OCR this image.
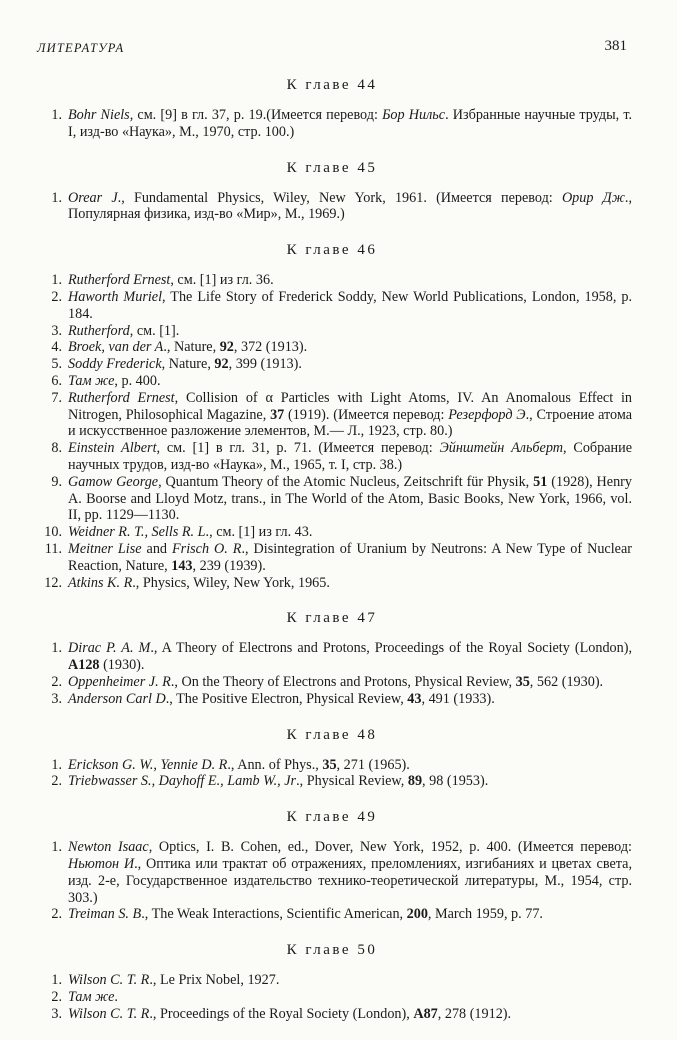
ЛИТЕРАТУРА	381
К главе 44
1. Bohr Niels, см. [9] в гл. 37, p. 19.(Имеется перевод: Бор Нильс. Избранные научные труды, т. I, изд-во «Наука», M., 1970, стр. 100.)
К главе 45
1. Orear J., Fundamental Physics, Wiley, New York, 1961. (Имеется перевод: Орир Дж., Популярная физика, изд-во «Мир», M., 1969.)
К главе 46
1. Rutherford Ernest, см. [1] из гл. 36.
2. Haworth Muriel, The Life Story of Frederick Soddy, New World Publications, London, 1958, p. 184.
3. Rutherford, см. [1].
4. Broek, van der A., Nature, 92, 372 (1913).
5. Soddy Frederick, Nature, 92, 399 (1913).
6. Там же, p. 400.
7. Rutherford Ernest, Collision of α Particles with Light Atoms, IV. An Anomalous Effect in Nitrogen, Philosophical Magazine, 37 (1919). (Имеется перевод: Резерфорд Э., Строение атома и искусственное разложение элементов, M.— Л., 1923, стр. 80.)
8. Einstein Albert, см. [1] в гл. 31, p. 71. (Имеется перевод: Эйнштейн Альберт, Собрание научных трудов, изд-во «Наука», M., 1965, т. I, стр. 38.)
9. Gamow George, Quantum Theory of the Atomic Nucleus, Zeitschrift für Physik, 51 (1928), Henry A. Boorse and Lloyd Motz, trans., in The World of the Atom, Basic Books, New York, 1966, vol. II, pp. 1129—1130.
10. Weidner R. T., Sells R. L., см. [1] из гл. 43.
11. Meitner Lise and Frisch O. R., Disintegration of Uranium by Neutrons: A New Type of Nuclear Reaction, Nature, 143, 239 (1939).
12. Atkins K. R., Physics, Wiley, New York, 1965.
К главе 47
1. Dirac P. A. M., A Theory of Electrons and Protons, Proceedings of the Royal Society (London), A128 (1930).
2. Oppenheimer J. R., On the Theory of Electrons and Protons, Physical Review, 35, 562 (1930).
3. Anderson Carl D., The Positive Electron, Physical Review, 43, 491 (1933).
К главе 48
1. Erickson G. W., Yennie D. R., Ann. of Phys., 35, 271 (1965).
2. Triebwasser S., Dayhoff E., Lamb W., Jr., Physical Review, 89, 98 (1953).
К главе 49
1. Newton Isaac, Optics, I. B. Cohen, ed., Dover, New York, 1952, p. 400. (Имеется перевод: Ньютон И., Оптика или трактат об отражениях, преломлениях, изгибаниях и цветах света, изд. 2-е, Государственное издательство технико-теоретической литературы, M., 1954, стр. 303.)
2. Treiman S. B., The Weak Interactions, Scientific American, 200, March 1959, p. 77.
К главе 50
1. Wilson C. T. R., Le Prix Nobel, 1927.
2. Там же.
3. Wilson C. T. R., Proceedings of the Royal Society (London), A87, 278 (1912).
